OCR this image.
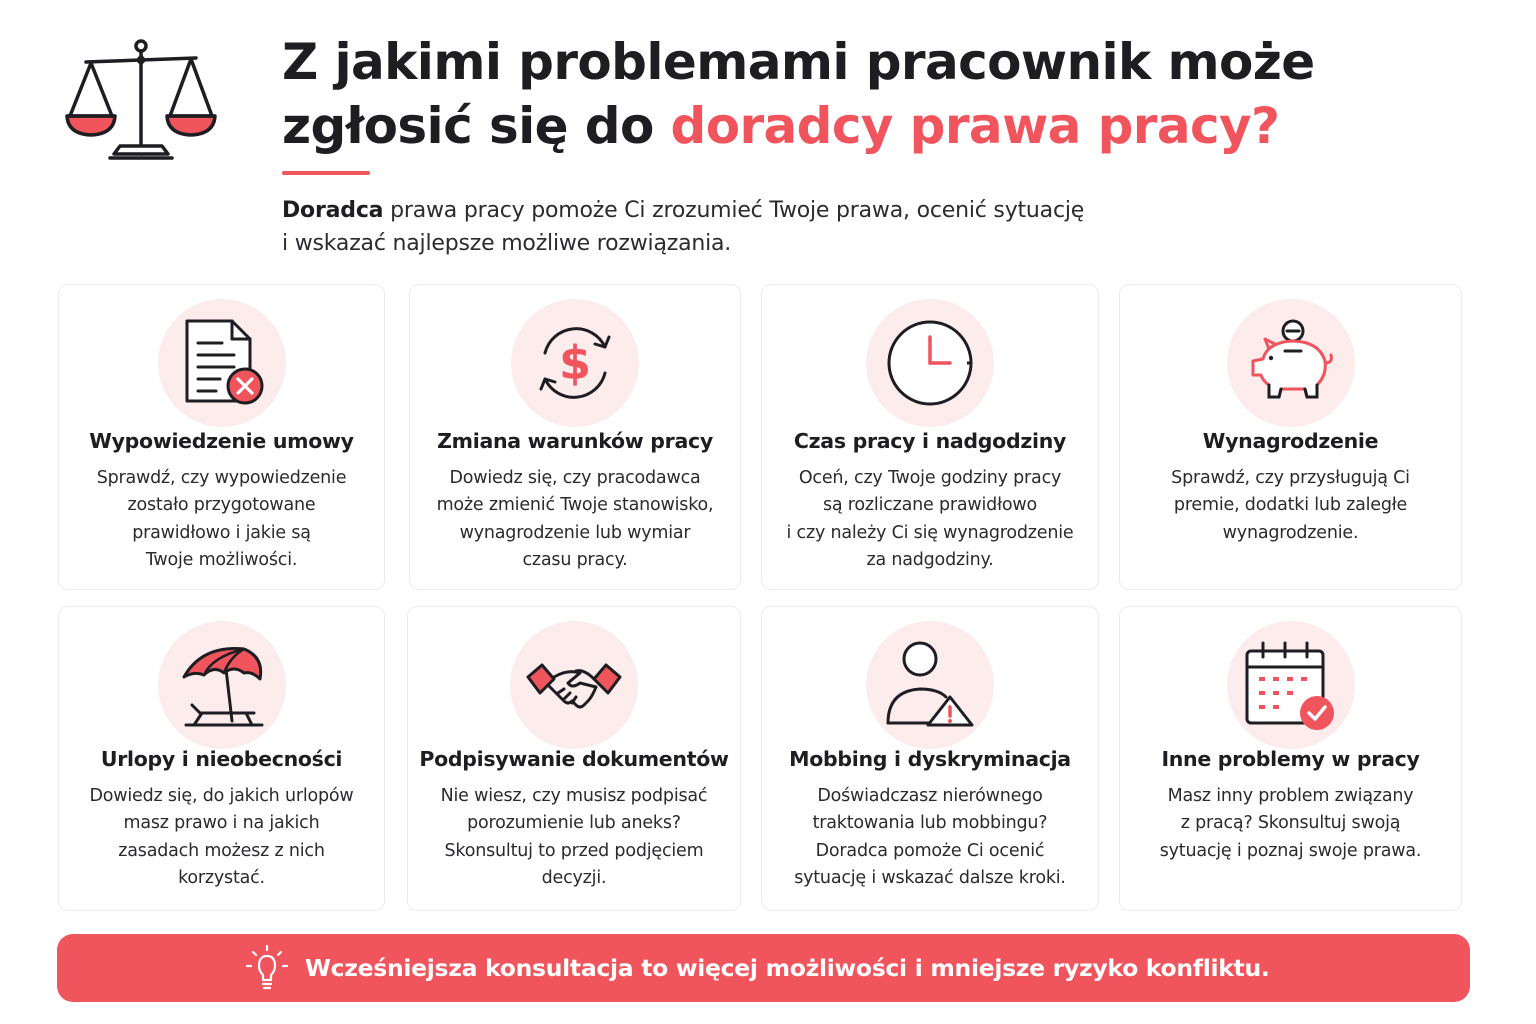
Z jakimi problemami pracownik może
zgłosić się do doradcy prawa pracy?

Doradca prawa pracy pomoże Ci zrozumieć Twoje prawa, ocenić sytuację
i wskazać najlepsze możliwe rozwiązania.

Wypowiedzenie umowy
Sprawdź, czy wypowiedzenie
zostało przygotowane
prawidłowo i jakie są
Twoje możliwości.
$
Zmiana warunków pracy
Dowiedz się, czy pracodawca
może zmienić Twoje stanowisko,
wynagrodzenie lub wymiar
czasu pracy.
Czas pracy i nadgodziny
Oceń, czy Twoje godziny pracy
są rozliczane prawidłowo
i czy należy Ci się wynagrodzenie
za nadgodziny.
Wynagrodzenie
Sprawdź, czy przysługują Ci
premie, dodatki lub zaległe
wynagrodzenie.
Urlopy i nieobecności
Dowiedz się, do jakich urlopów
masz prawo i na jakich
zasadach możesz z nich
korzystać.
Podpisywanie dokumentów
Nie wiesz, czy musisz podpisać
porozumienie lub aneks?
Skonsultuj to przed podjęciem
decyzji.
Mobbing i dyskryminacja
Doświadczasz nierównego
traktowania lub mobbingu?
Doradca pomoże Ci ocenić
sytuację i wskazać dalsze kroki.
Inne problemy w pracy
Masz inny problem związany
z pracą? Skonsultuj swoją
sytuację i poznaj swoje prawa.
Wcześniejsza konsultacja to więcej możliwości i mniejsze ryzyko konfliktu.
